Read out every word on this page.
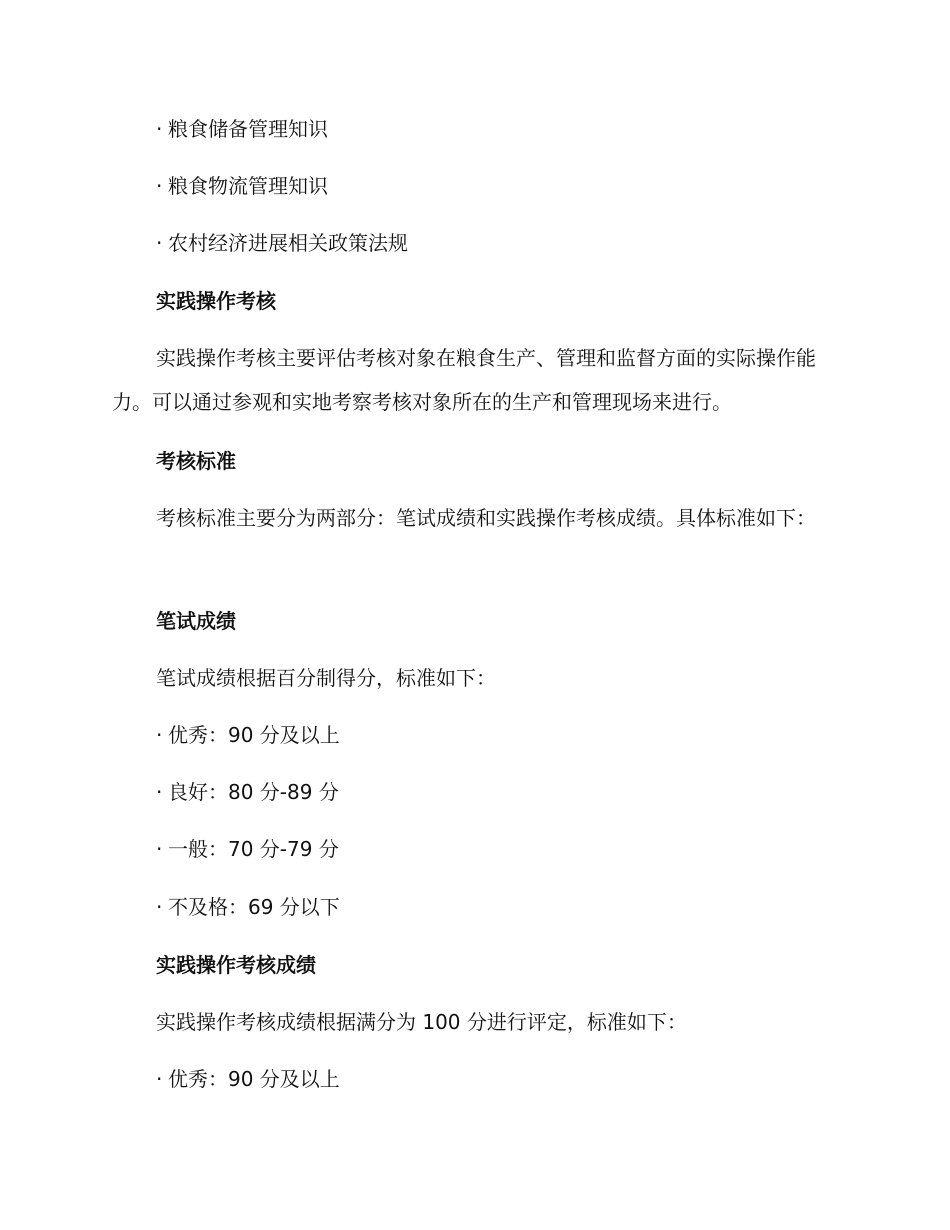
· 粮食储备管理知识
· 粮食物流管理知识
· 农村经济进展相关政策法规
实践操作考核
实践操作考核主要评估考核对象在粮食生产、管理和监督方面的实际操作能力。可以通过参观和实地考察考核对象所在的生产和管理现场来进行。
考核标准
考核标准主要分为两部分：笔试成绩和实践操作考核成绩。具体标准如下：
笔试成绩
笔试成绩根据百分制得分，标准如下：
· 优秀：90 分及以上
· 良好：80 分-89 分
· 一般：70 分-79 分
· 不及格：69 分以下
实践操作考核成绩
实践操作考核成绩根据满分为 100 分进行评定，标准如下：
· 优秀：90 分及以上
